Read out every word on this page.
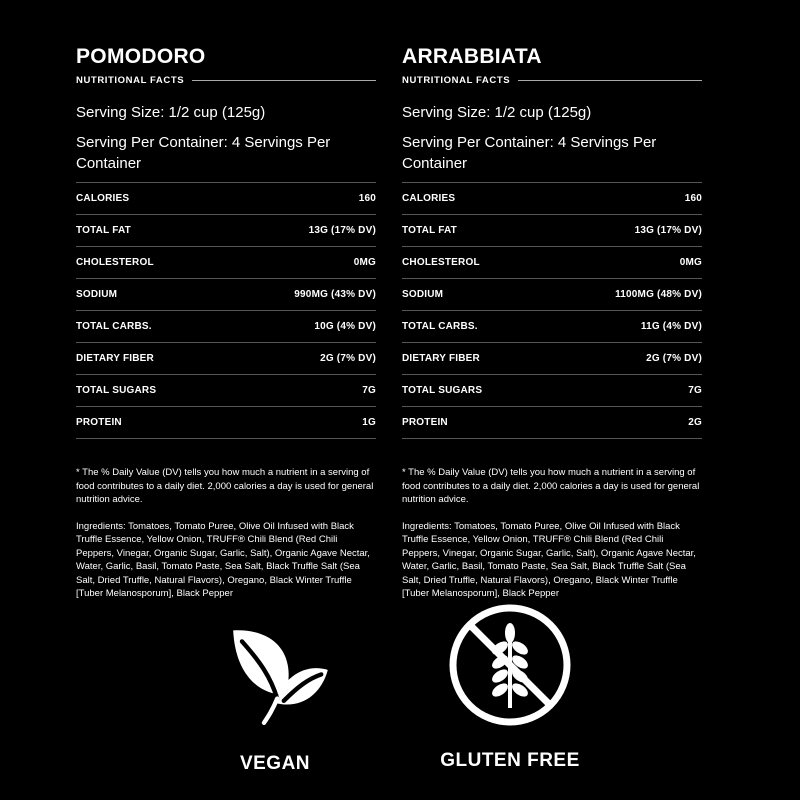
POMODORO
NUTRITIONAL FACTS
Serving Size: 1/2 cup (125g)
Serving Per Container: 4 Servings Per Container
CALORIES	160
TOTAL FAT	13G (17% DV)
CHOLESTEROL	0MG
SODIUM	990MG (43% DV)
TOTAL CARBS.	10G (4% DV)
DIETARY FIBER	2G (7% DV)
TOTAL SUGARS	7G
PROTEIN	1G
* The % Daily Value (DV) tells you how much a nutrient in a serving of food contributes to a daily diet. 2,000 calories a day is used for general nutrition advice.
Ingredients: Tomatoes, Tomato Puree, Olive Oil Infused with Black Truffle Essence, Yellow Onion, TRUFF® Chili Blend (Red Chili Peppers, Vinegar, Organic Sugar, Garlic, Salt), Organic Agave Nectar, Water, Garlic, Basil, Tomato Paste, Sea Salt, Black Truffle Salt (Sea Salt, Dried Truffle, Natural Flavors), Oregano, Black Winter Truffle [Tuber Melanosporum], Black Pepper
ARRABBIATA
NUTRITIONAL FACTS
Serving Size: 1/2 cup (125g)
Serving Per Container: 4 Servings Per Container
CALORIES	160
TOTAL FAT	13G (17% DV)
CHOLESTEROL	0MG
SODIUM	1100MG (48% DV)
TOTAL CARBS.	11G (4% DV)
DIETARY FIBER	2G (7% DV)
TOTAL SUGARS	7G
PROTEIN	2G
* The % Daily Value (DV) tells you how much a nutrient in a serving of food contributes to a daily diet. 2,000 calories a day is used for general nutrition advice.
Ingredients: Tomatoes, Tomato Puree, Olive Oil Infused with Black Truffle Essence, Yellow Onion, TRUFF® Chili Blend (Red Chili Peppers, Vinegar, Organic Sugar, Garlic, Salt), Organic Agave Nectar, Water, Garlic, Basil, Tomato Paste, Sea Salt, Black Truffle Salt (Sea Salt, Dried Truffle, Natural Flavors), Oregano, Black Winter Truffle [Tuber Melanosporum], Black Pepper
VEGAN	GLUTEN FREE
